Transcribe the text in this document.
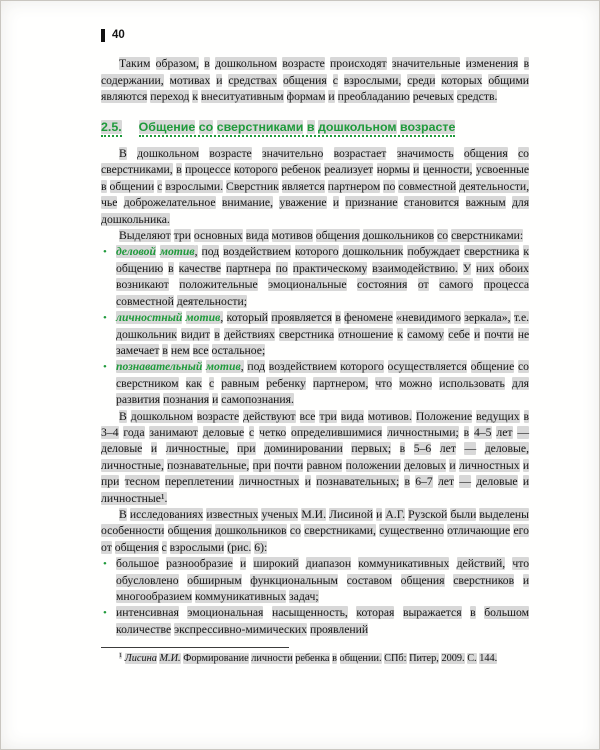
40

Таким образом, в дошкольном возрасте происходят значительные изменения в содержании, мотивах и средствах общения с взрослыми, среди которых общими являются переход к внеситуативным формам и преобладанию речевых средств.

2.5. Общение со сверстниками в дошкольном возрасте

В дошкольном возрасте значительно возрастает значимость общения со сверстниками, в процессе которого ребенок реализует нормы и ценности, усвоенные в общении с взрослыми. Сверстник является партнером по совместной деятельности, чье доброжелательное внимание, уважение и признание становится важным для дошкольника.

Выделяют три основных вида мотивов общения дошкольников со сверстниками:

• деловой мотив, под воздействием которого дошкольник побуждает сверстника к общению в качестве партнера по практическому взаимодействию. У них обоих возникают положительные эмоциональные состояния от самого процесса совместной деятельности;
• личностный мотив, который проявляется в феномене «невидимого зеркала», т.е. дошкольник видит в действиях сверстника отношение к самому себе и почти не замечает в нем все остальное;
• познавательный мотив, под воздействием которого осуществляется общение со сверстником как с равным ребенку партнером, что можно использовать для развития познания и самопознания.

В дошкольном возрасте действуют все три вида мотивов. Положение ведущих в 3–4 года занимают деловые с четко определившимися личностными; в 4–5 лет — деловые и личностные, при доминировании первых; в 5–6 лет — деловые, личностные, познавательные, при почти равном положении деловых и личностных и при тесном переплетении личностных и познавательных; в 6–7 лет — деловые и личностные¹.

В исследованиях известных ученых М.И. Лисиной и А.Г. Рузской были выделены особенности общения дошкольников со сверстниками, существенно отличающие его от общения с взрослыми (рис. 6):

• большое разнообразие и широкий диапазон коммуникативных действий, что обусловлено обширным функциональным составом общения сверстников и многообразием коммуникативных задач;
• интенсивная эмоциональная насыщенность, которая выражается в большом количестве экспрессивно-мимических проявлений

$^1$ Лисина М.И. Формирование личности ребенка в общении. СПб: Питер, 2009. С. 144.
